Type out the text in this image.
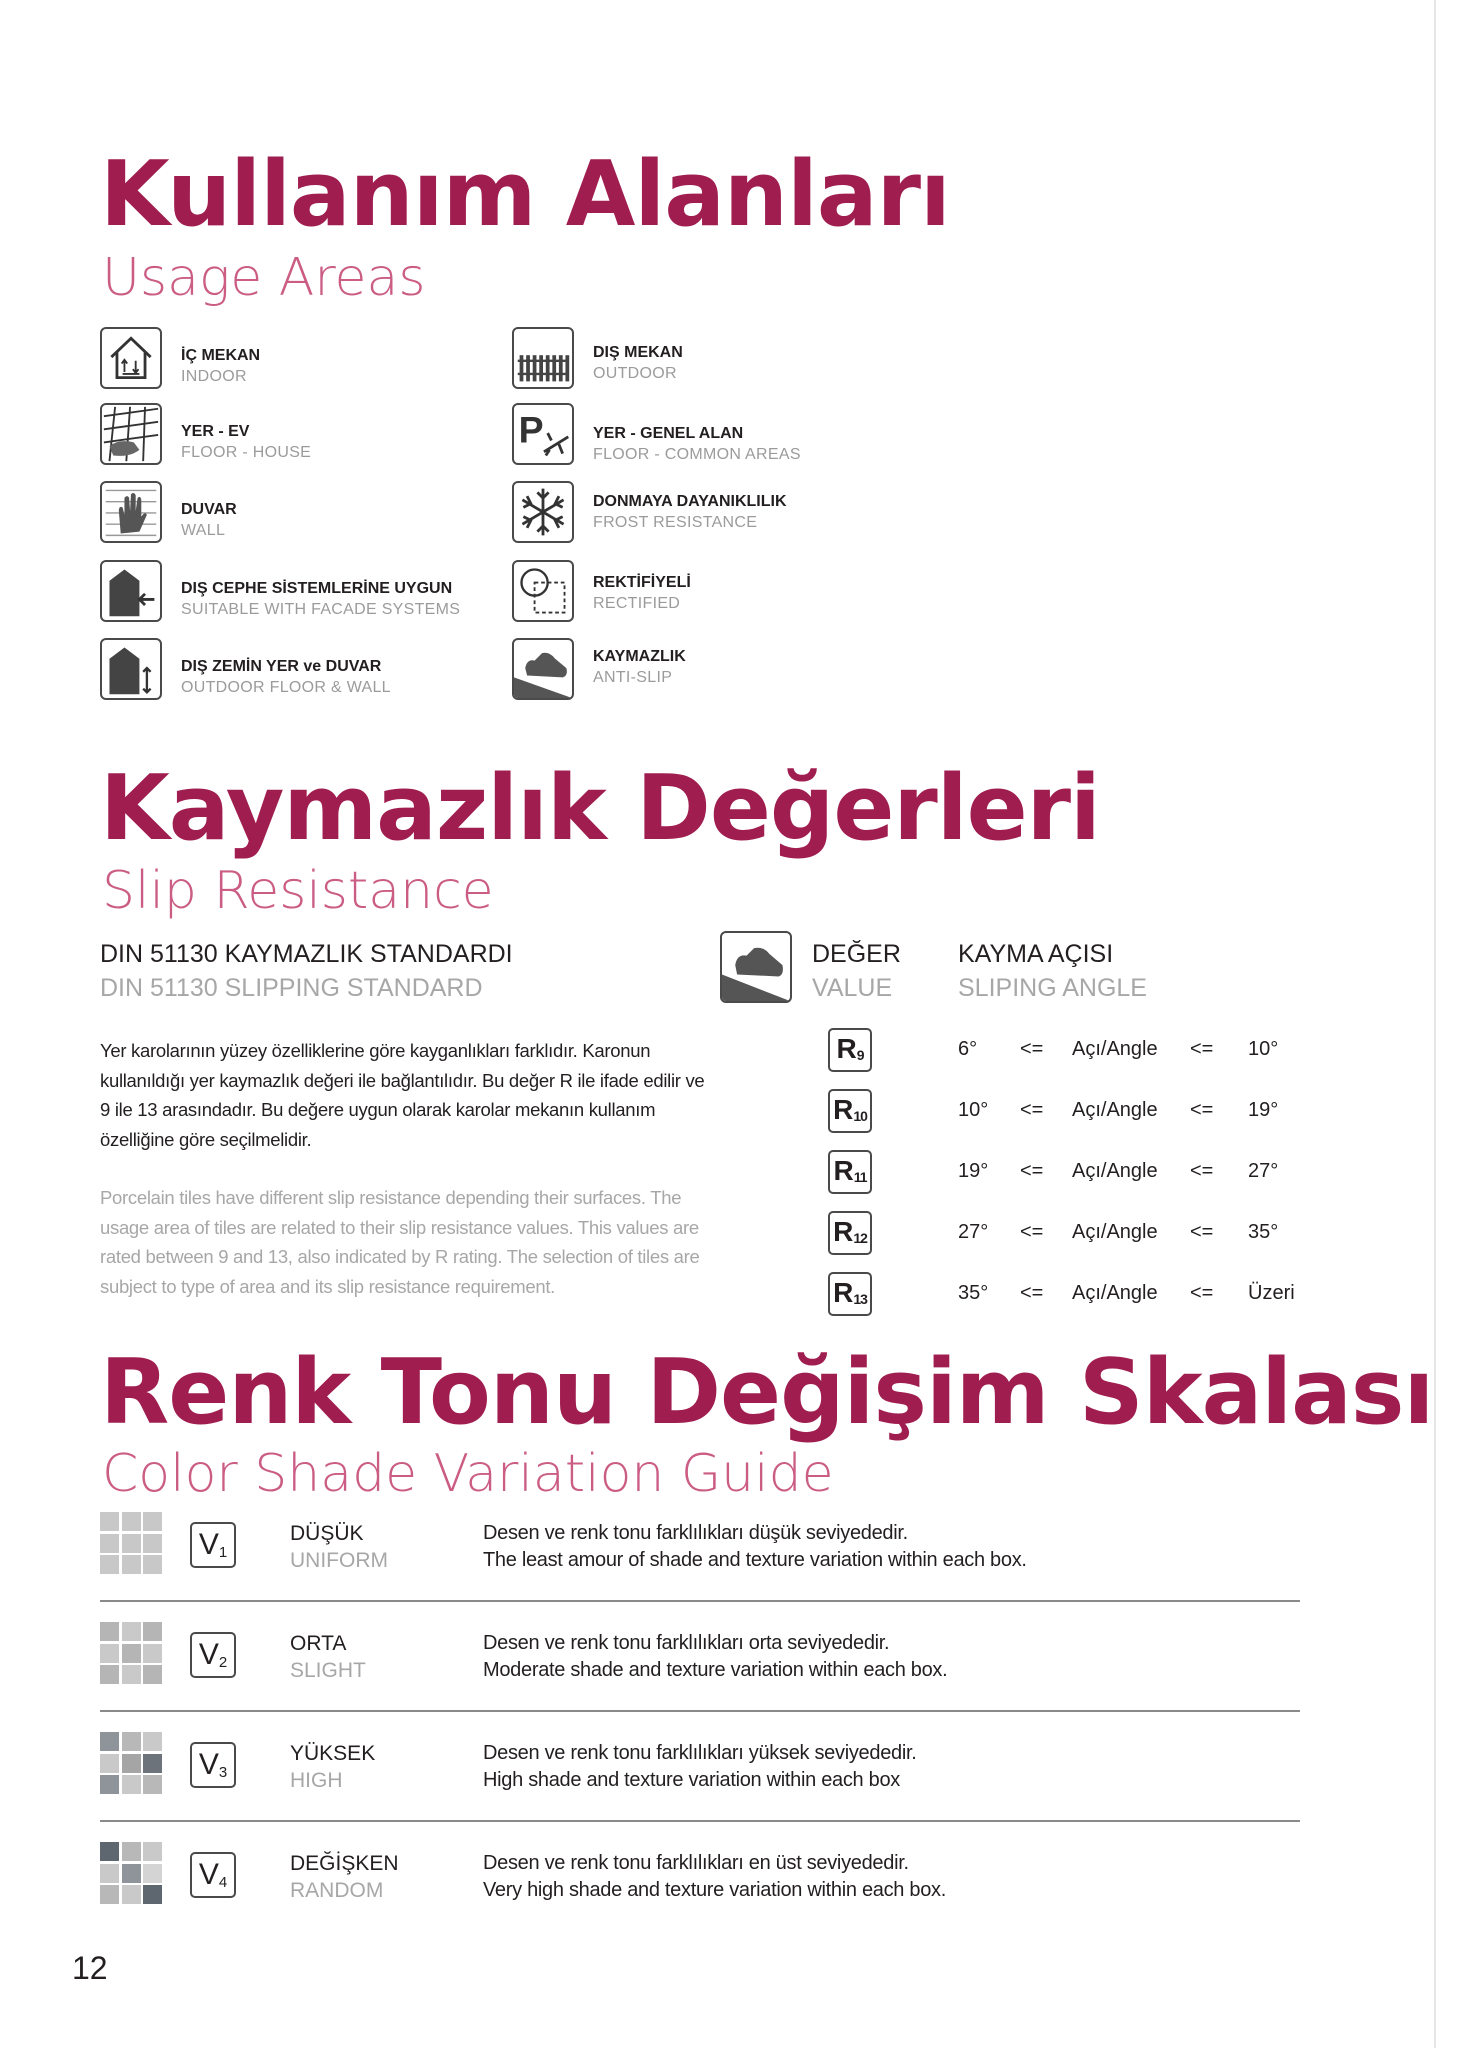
Kullanım Alanları
Usage Areas
İÇ MEKAN
INDOOR
YER - EV
FLOOR - HOUSE
DUVAR
WALL
DIŞ CEPHE SİSTEMLERİNE UYGUN
SUITABLE WITH FACADE SYSTEMS
DIŞ ZEMİN YER ve DUVAR
OUTDOOR FLOOR & WALL
DIŞ MEKAN
OUTDOOR
P	YER - GENEL ALAN
FLOOR - COMMON AREAS
DONMAYA DAYANIKLILIK
FROST RESISTANCE
REKTİFİYELİ
RECTIFIED
KAYMAZLIK
ANTI-SLIP
Kaymazlık Değerleri
Slip Resistance
DIN 51130 KAYMAZLIK STANDARDI
DIN 51130 SLIPPING STANDARD
Yer karolarının yüzey özelliklerine göre kayganlıkları farklıdır. Karonun kullanıldığı yer kaymazlık değeri ile bağlantılıdır. Bu değer R ile ifade edilir ve 9 ile 13 arasındadır. Bu değere uygun olarak karolar mekanın kullanım özelliğine göre seçilmelidir.
Porcelain tiles have different slip resistance depending their surfaces. The usage area of tiles are related to their slip resistance values. This values are rated between 9 and 13, also indicated by R rating. The selection of tiles are subject to type of area and its slip resistance requirement.
DEĞER
VALUE
KAYMA AÇISI
SLIPING ANGLE
$R_9$	6° <= Açı/Angle <= 10°
$R_{10}$	10° <= Açı/Angle <= 19°
$R_{11}$	19° <= Açı/Angle <= 27°
$R_{12}$	27° <= Açı/Angle <= 35°
$R_{13}$	35° <= Açı/Angle <= Üzeri
Renk Tonu Değişim Skalası
Color Shade Variation Guide
$V_1$
DÜŞÜK
UNIFORM
Desen ve renk tonu farklılıkları düşük seviyededir.
The least amour of shade and texture variation within each box.
$V_2$
ORTA
SLIGHT
Desen ve renk tonu farklılıkları orta seviyededir.
Moderate shade and texture variation within each box.
$V_3$
YÜKSEK
HIGH
Desen ve renk tonu farklılıkları yüksek seviyededir.
High shade and texture variation within each box
$V_4$
DEĞİŞKEN
RANDOM
Desen ve renk tonu farklılıkları en üst seviyededir.
Very high shade and texture variation within each box.
12
